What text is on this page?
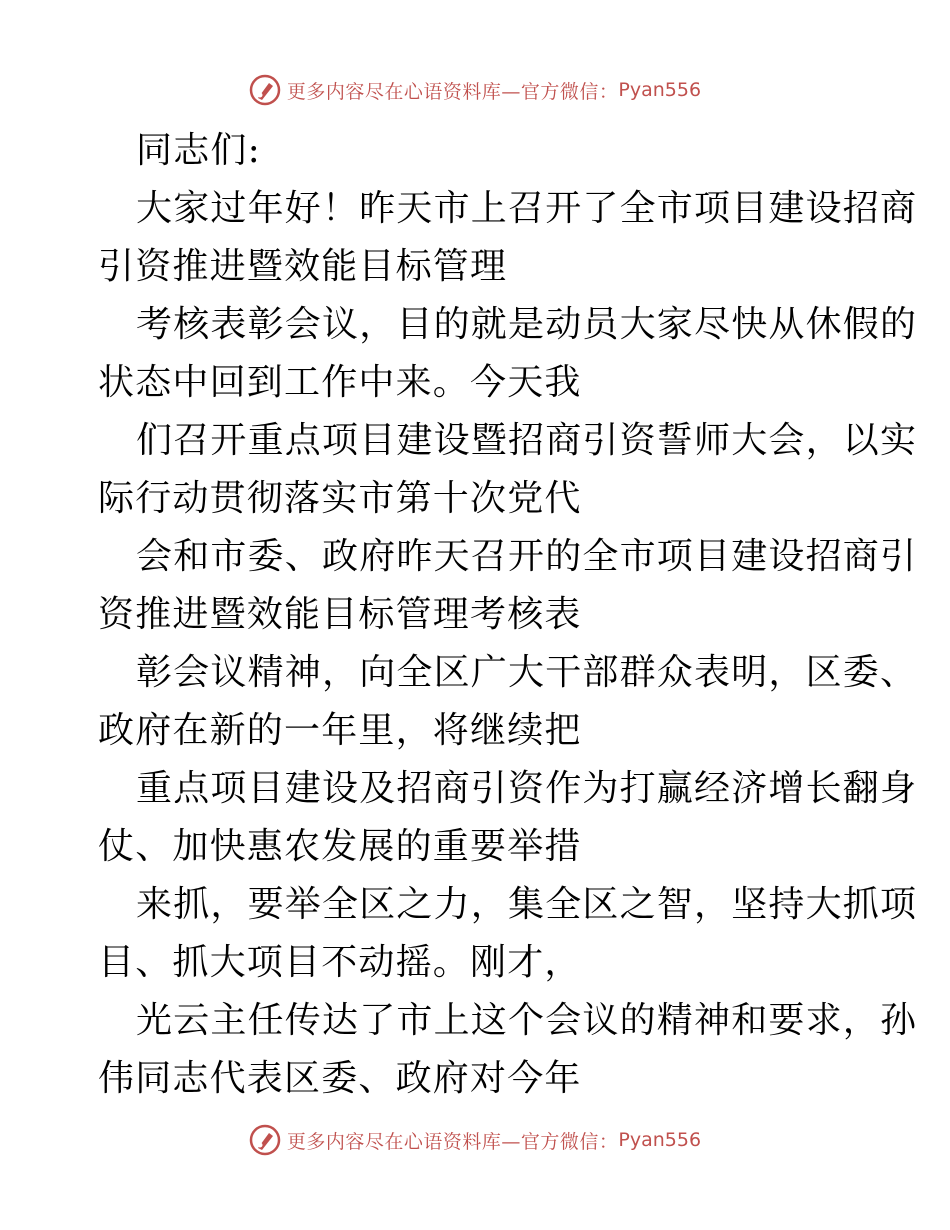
更多内容尽在心语资料库—官方微信： Pyan556
同志们:
大家过年好！昨天市上召开了全市项目建设招商
引资推进暨效能目标管理
考核表彰会议，目的就是动员大家尽快从休假的
状态中回到工作中来。今天我
们召开重点项目建设暨招商引资誓师大会，以实
际行动贯彻落实市第十次党代
会和市委、政府昨天召开的全市项目建设招商引
资推进暨效能目标管理考核表
彰会议精神，向全区广大干部群众表明，区委、
政府在新的一年里，将继续把
重点项目建设及招商引资作为打赢经济增长翻身
仗、加快惠农发展的重要举措
来抓，要举全区之力，集全区之智，坚持大抓项
目、抓大项目不动摇。刚才，
光云主任传达了市上这个会议的精神和要求，孙
伟同志代表区委、政府对今年
更多内容尽在心语资料库—官方微信： Pyan556
